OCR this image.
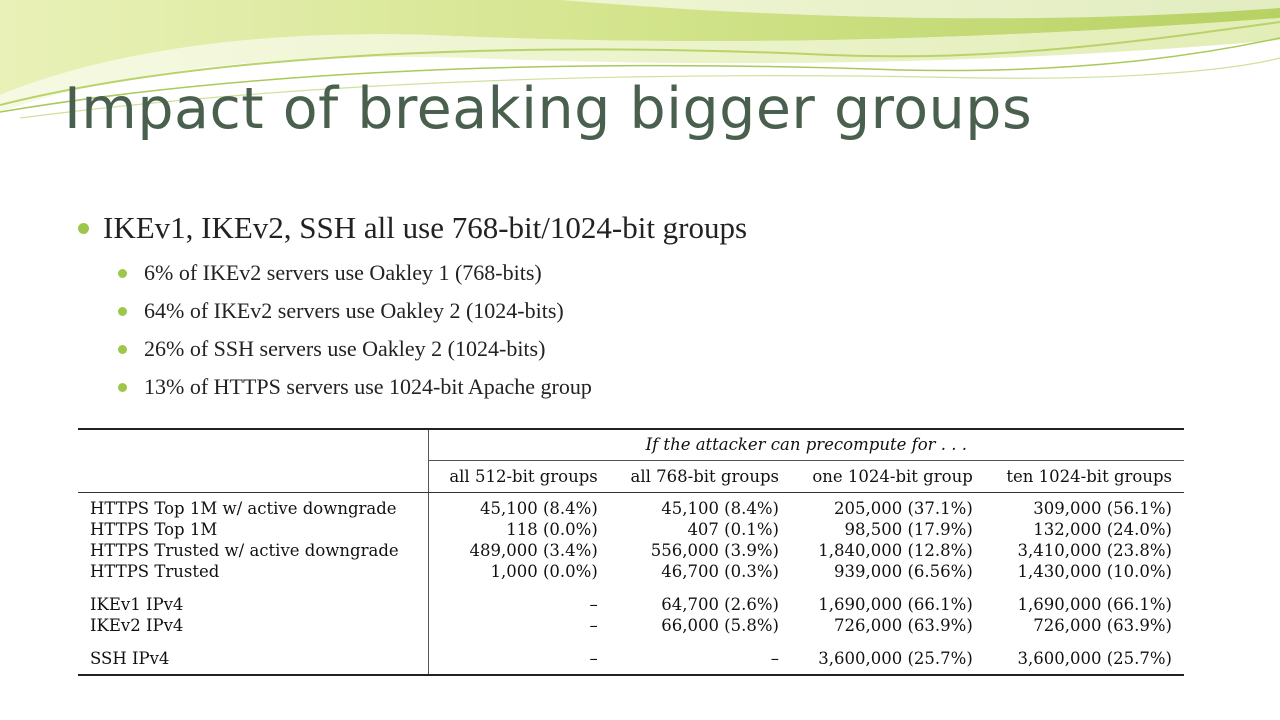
Impact of breaking bigger groups
IKEv1, IKEv2, SSH all use 768-bit/1024-bit groups
6% of IKEv2 servers use Oakley 1 (768-bits)
64% of IKEv2 servers use Oakley 2 (1024-bits)
26% of SSH servers use Oakley 2 (1024-bits)
13% of HTTPS servers use 1024-bit Apache group
	If the attacker can precompute for . . .			
	all 512-bit groups	all 768-bit groups	one 1024-bit group	ten 1024-bit groups
HTTPS Top 1M w/ active downgrade	45,100 (8.4%)	45,100 (8.4%)	205,000 (37.1%)	309,000 (56.1%)
HTTPS Top 1M	118 (0.0%)	407 (0.1%)	98,500 (17.9%)	132,000 (24.0%)
HTTPS Trusted w/ active downgrade	489,000 (3.4%)	556,000 (3.9%)	1,840,000 (12.8%)	3,410,000 (23.8%)
HTTPS Trusted	1,000 (0.0%)	46,700 (0.3%)	939,000 (6.56%)	1,430,000 (10.0%)
IKEv1 IPv4	–	64,700 (2.6%)	1,690,000 (66.1%)	1,690,000 (66.1%)
IKEv2 IPv4	–	66,000 (5.8%)	726,000 (63.9%)	726,000 (63.9%)
SSH IPv4	–	–	3,600,000 (25.7%)	3,600,000 (25.7%)
